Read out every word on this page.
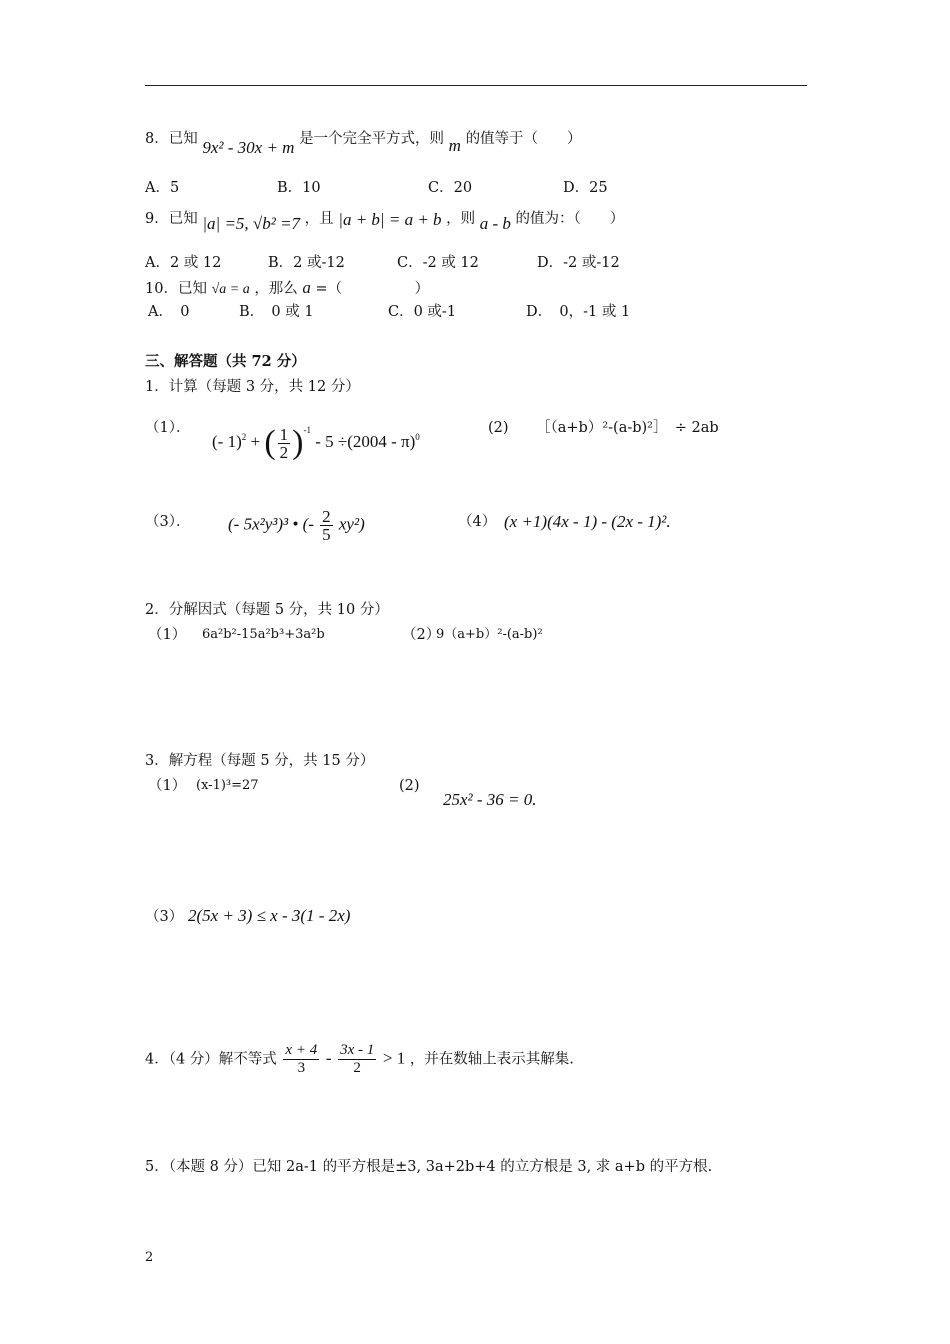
8．已知 9x² - 30x + m 是一个完全平方式，则 m 的值等于（　　）
A．5	B．10	C．20	D．25
9．已知 |a| =5, √b² =7 ，且 |a + b| = a + b ，则 a - b 的值为：（　　）
A．2 或 12	B．2 或-12	C．-2 或 12	D．-2 或-12
10．已知 √a = a ，那么 a =（　　　　　）
A．　0	B．　0 或 1	C．0 或-1	D．　0，-1 或 1
三、解答题（共 72 分）
1．计算（每题 3 分，共 12 分）
（1）．
(- 1)$^2$ + ( $\frac{1}{2} )^{-1} - 5 \div(2004 - \pi)^0$
(2) ［（a+b）²-(a-b)²］　÷ 2ab
（3）． (- 5x²y³)³ • (- $\frac{2}{5} xy^2$)	（4） (x +1)(4x - 1) - (2x - 1)².
2．分解因式（每题 5 分，共 10 分）
（1） 6a²b²-15a²b³+3a²b	（2）
9（a+b）²-(a-b)²
3．解方程（每题 5 分，共 15 分）
（1） (x-1)³=27	(2)
25x² - 36 = 0.
（3） 2(5x + 3) ≤ x - 3(1 - 2x)
4．（4 分）解不等式 $\frac{x + 4}{3} - \frac{3x - 1}{2} > 1$ ，并在数轴上表示其解集.
5．（本题 8 分）已知 2a-1 的平方根是±3, 3a+2b+4 的立方根是 3, 求 a+b 的平方根.
2
